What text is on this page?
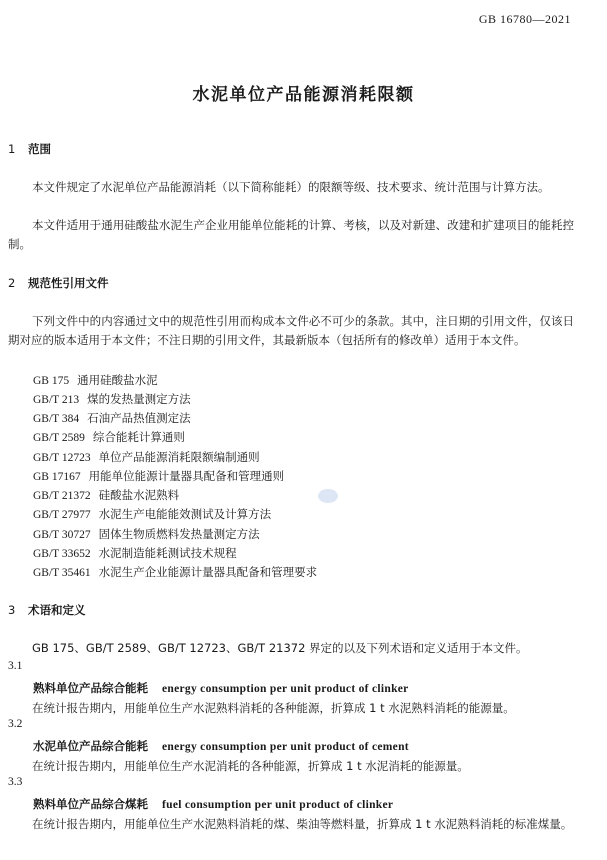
GB 16780—2021
水泥单位产品能源消耗限额
1 范围
本文件规定了水泥单位产品能源消耗（以下简称能耗）的限额等级、技术要求、统计范围与计算方法。
本文件适用于通用硅酸盐水泥生产企业用能单位能耗的计算、考核，以及对新建、改建和扩建项目的能耗控制。
2 规范性引用文件
下列文件中的内容通过文中的规范性引用而构成本文件必不可少的条款。其中，注日期的引用文件，仅该日期对应的版本适用于本文件；不注日期的引用文件，其最新版本（包括所有的修改单）适用于本文件。
GB 175 通用硅酸盐水泥
GB/T 213 煤的发热量测定方法
GB/T 384 石油产品热值测定法
GB/T 2589 综合能耗计算通则
GB/T 12723 单位产品能源消耗限额编制通则
GB 17167 用能单位能源计量器具配备和管理通则
GB/T 21372 硅酸盐水泥熟料
GB/T 27977 水泥生产电能能效测试及计算方法
GB/T 30727 固体生物质燃料发热量测定方法
GB/T 33652 水泥制造能耗测试技术规程
GB/T 35461 水泥生产企业能源计量器具配备和管理要求
3 术语和定义
GB 175、GB/T 2589、GB/T 12723、GB/T 21372 界定的以及下列术语和定义适用于本文件。
3.1
熟料单位产品综合能耗 energy consumption per unit product of clinker
在统计报告期内，用能单位生产水泥熟料消耗的各种能源，折算成 1 t 水泥熟料消耗的能源量。
3.2
水泥单位产品综合能耗 energy consumption per unit product of cement
在统计报告期内，用能单位生产水泥消耗的各种能源，折算成 1 t 水泥消耗的能源量。
3.3
熟料单位产品综合煤耗 fuel consumption per unit product of clinker
在统计报告期内，用能单位生产水泥熟料消耗的煤、柴油等燃料量，折算成 1 t 水泥熟料消耗的标准煤量。
